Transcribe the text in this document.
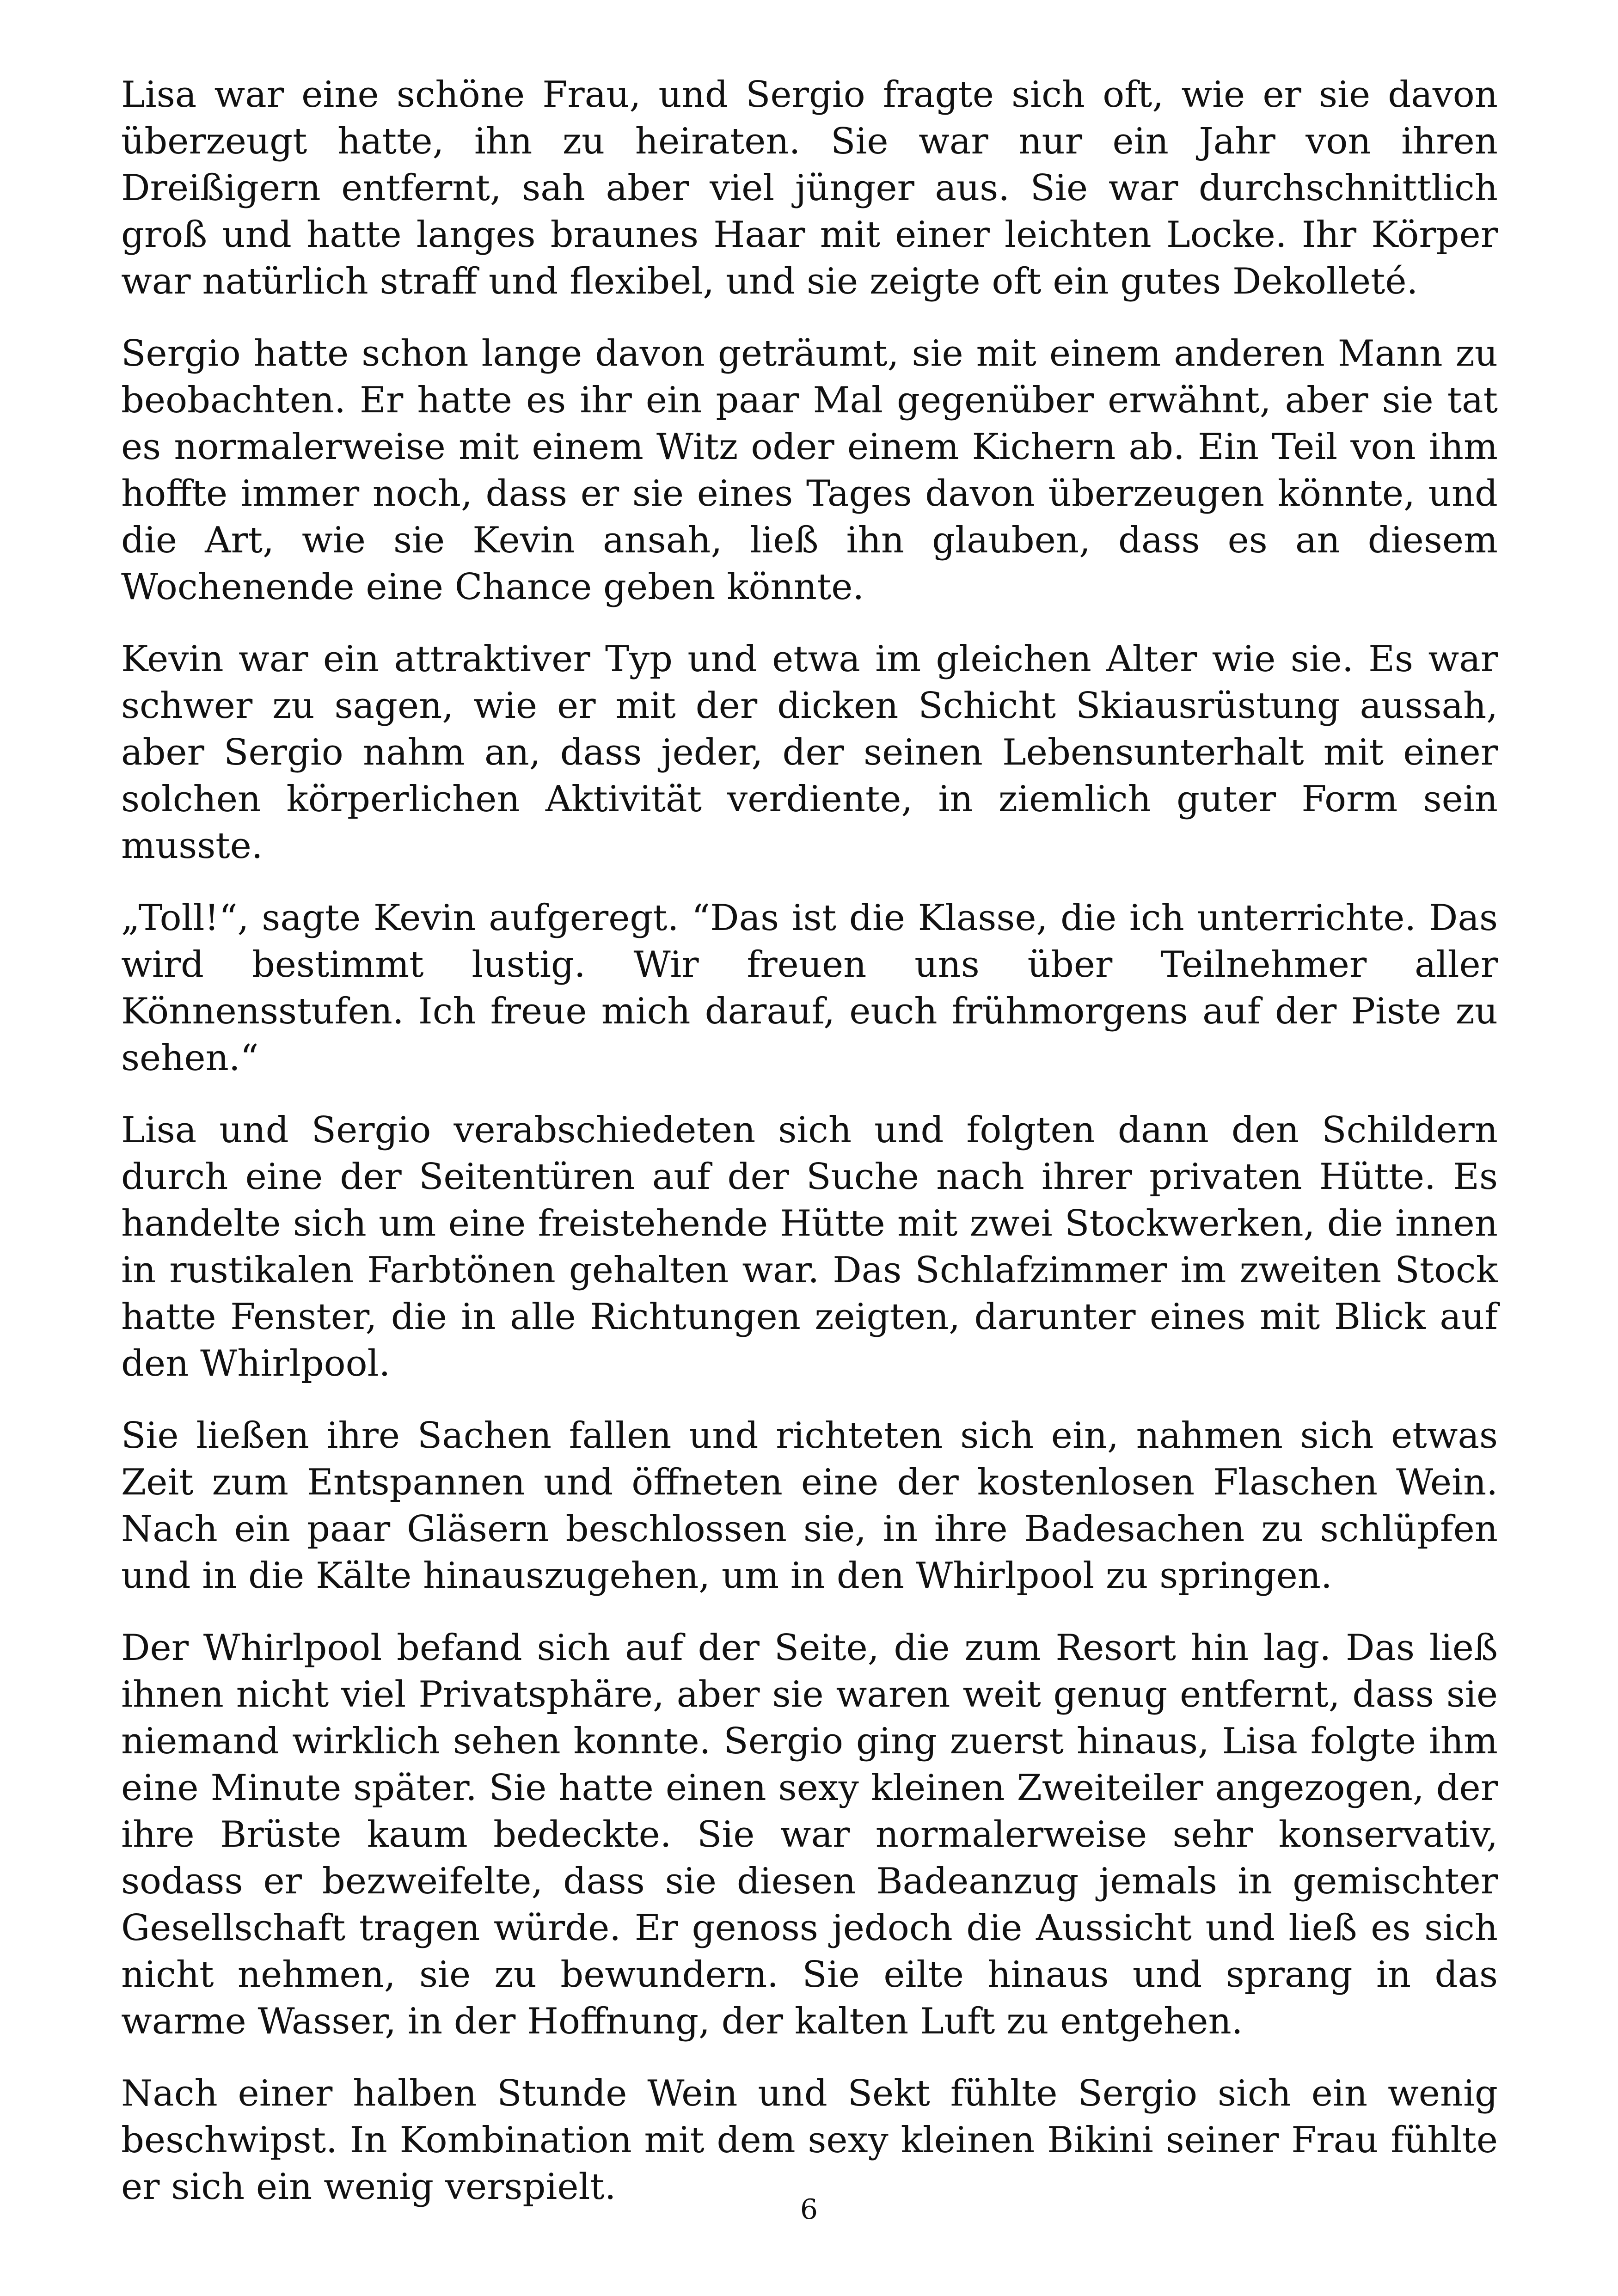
Lisa war eine schöne Frau, und Sergio fragte sich oft, wie er sie davon überzeugt hatte, ihn zu heiraten. Sie war nur ein Jahr von ihren Dreißigern entfernt, sah aber viel jünger aus. Sie war durchschnittlich groß und hatte langes braunes Haar mit einer leichten Locke. Ihr Körper war natürlich straff und flexibel, und sie zeigte oft ein gutes Dekolleté.

Sergio hatte schon lange davon geträumt, sie mit einem anderen Mann zu beobachten. Er hatte es ihr ein paar Mal gegenüber erwähnt, aber sie tat es normalerweise mit einem Witz oder einem Kichern ab. Ein Teil von ihm hoffte immer noch, dass er sie eines Tages davon überzeugen könnte, und die Art, wie sie Kevin ansah, ließ ihn glauben, dass es an diesem Wochenende eine Chance geben könnte.

Kevin war ein attraktiver Typ und etwa im gleichen Alter wie sie. Es war schwer zu sagen, wie er mit der dicken Schicht Skiausrüstung aussah, aber Sergio nahm an, dass jeder, der seinen Lebensunterhalt mit einer solchen körperlichen Aktivität verdiente, in ziemlich guter Form sein musste.

„Toll!“, sagte Kevin aufgeregt. “Das ist die Klasse, die ich unterrichte. Das wird bestimmt lustig. Wir freuen uns über Teilnehmer aller Könnensstufen. Ich freue mich darauf, euch frühmorgens auf der Piste zu sehen.“

Lisa und Sergio verabschiedeten sich und folgten dann den Schildern durch eine der Seitentüren auf der Suche nach ihrer privaten Hütte. Es handelte sich um eine freistehende Hütte mit zwei Stockwerken, die innen in rustikalen Farbtönen gehalten war. Das Schlafzimmer im zweiten Stock hatte Fenster, die in alle Richtungen zeigten, darunter eines mit Blick auf den Whirlpool.

Sie ließen ihre Sachen fallen und richteten sich ein, nahmen sich etwas Zeit zum Entspannen und öffneten eine der kostenlosen Flaschen Wein. Nach ein paar Gläsern beschlossen sie, in ihre Badesachen zu schlüpfen und in die Kälte hinauszugehen, um in den Whirlpool zu springen.

Der Whirlpool befand sich auf der Seite, die zum Resort hin lag. Das ließ ihnen nicht viel Privatsphäre, aber sie waren weit genug entfernt, dass sie niemand wirklich sehen konnte. Sergio ging zuerst hinaus, Lisa folgte ihm eine Minute später. Sie hatte einen sexy kleinen Zweiteiler angezogen, der ihre Brüste kaum bedeckte. Sie war normalerweise sehr konservativ, sodass er bezweifelte, dass sie diesen Badeanzug jemals in gemischter Gesellschaft tragen würde. Er genoss jedoch die Aussicht und ließ es sich nicht nehmen, sie zu bewundern. Sie eilte hinaus und sprang in das warme Wasser, in der Hoffnung, der kalten Luft zu entgehen.

Nach einer halben Stunde Wein und Sekt fühlte Sergio sich ein wenig beschwipst. In Kombination mit dem sexy kleinen Bikini seiner Frau fühlte er sich ein wenig verspielt.

6
